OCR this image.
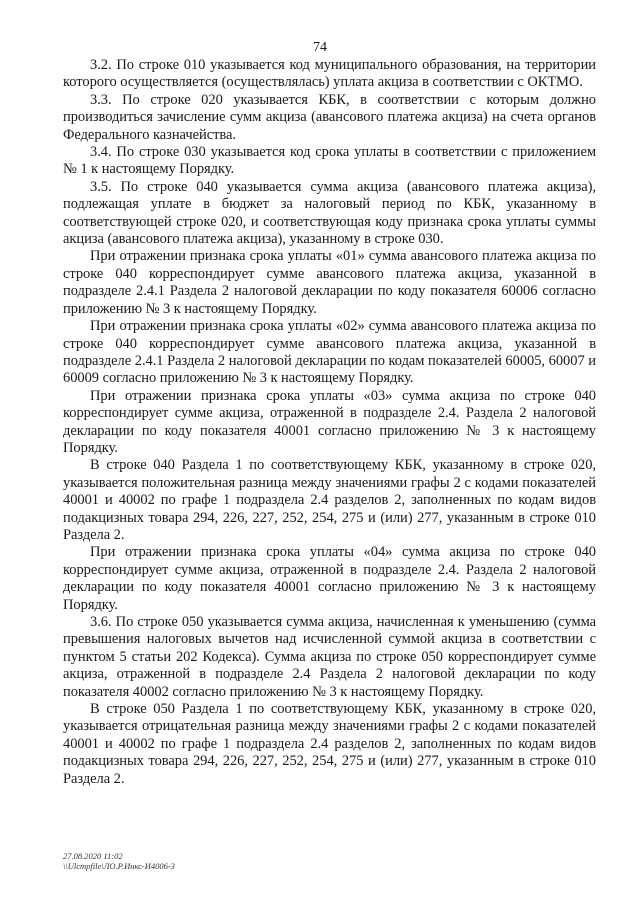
74

3.2. По строке 010 указывается код муниципального образования, на территории которого осуществляется (осуществлялась) уплата акциза в соответствии с ОКТМО.

3.3. По строке 020 указывается КБК, в соответствии с которым должно производиться зачисление сумм акциза (авансового платежа акциза) на счета органов Федерального казначейства.

3.4. По строке 030 указывается код срока уплаты в соответствии с приложением № 1 к настоящему Порядку.

3.5. По строке 040 указывается сумма акциза (авансового платежа акциза), подлежащая уплате в бюджет за налоговый период по КБК, указанному в соответствующей строке 020, и соответствующая коду признака срока уплаты суммы акциза (авансового платежа акциза), указанному в строке 030.

При отражении признака срока уплаты «01» сумма авансового платежа акциза по строке 040 корреспондирует сумме авансового платежа акциза, указанной в подразделе 2.4.1 Раздела 2 налоговой декларации по коду показателя 60006 согласно приложению № 3 к настоящему Порядку.

При отражении признака срока уплаты «02» сумма авансового платежа акциза по строке 040 корреспондирует сумме авансового платежа акциза, указанной в подразделе 2.4.1 Раздела 2 налоговой декларации по кодам показателей 60005, 60007 и 60009 согласно приложению № 3 к настоящему Порядку.

При отражении признака срока уплаты «03» сумма акциза по строке 040 корреспондирует сумме акциза, отраженной в подразделе 2.4. Раздела 2 налоговой декларации по коду показателя 40001 согласно приложению № 3 к настоящему Порядку.

В строке 040 Раздела 1 по соответствующему КБК, указанному в строке 020, указывается положительная разница между значениями графы 2 с кодами показателей 40001 и 40002 по графе 1 подраздела 2.4 разделов 2, заполненных по кодам видов подакцизных товара 294, 226, 227, 252, 254, 275 и (или) 277, указанным в строке 010 Раздела 2.

При отражении признака срока уплаты «04» сумма акциза по строке 040 корреспондирует сумме акциза, отраженной в подразделе 2.4. Раздела 2 налоговой декларации по коду показателя 40001 согласно приложению № 3 к настоящему Порядку.

3.6. По строке 050 указывается сумма акциза, начисленная к уменьшению (сумма превышения налоговых вычетов над исчисленной суммой акциза в соответствии с пунктом 5 статьи 202 Кодекса). Сумма акциза по строке 050 корреспондирует сумме акциза, отраженной в подразделе 2.4 Раздела 2 налоговой декларации по коду показателя 40002 согласно приложению № 3 к настоящему Порядку.

В строке 050 Раздела 1 по соответствующему КБК, указанному в строке 020, указывается отрицательная разница между значениями графы 2 с кодами показателей 40001 и 40002 по графе 1 подраздела 2.4 разделов 2, заполненных по кодам видов подакцизных товара 294, 226, 227, 252, 254, 275 и (или) 277, указанным в строке 010 Раздела 2.

27.08.2020 11:02
\\Ulcmpfile\ЛО.Р.Инкс-И4006-3
